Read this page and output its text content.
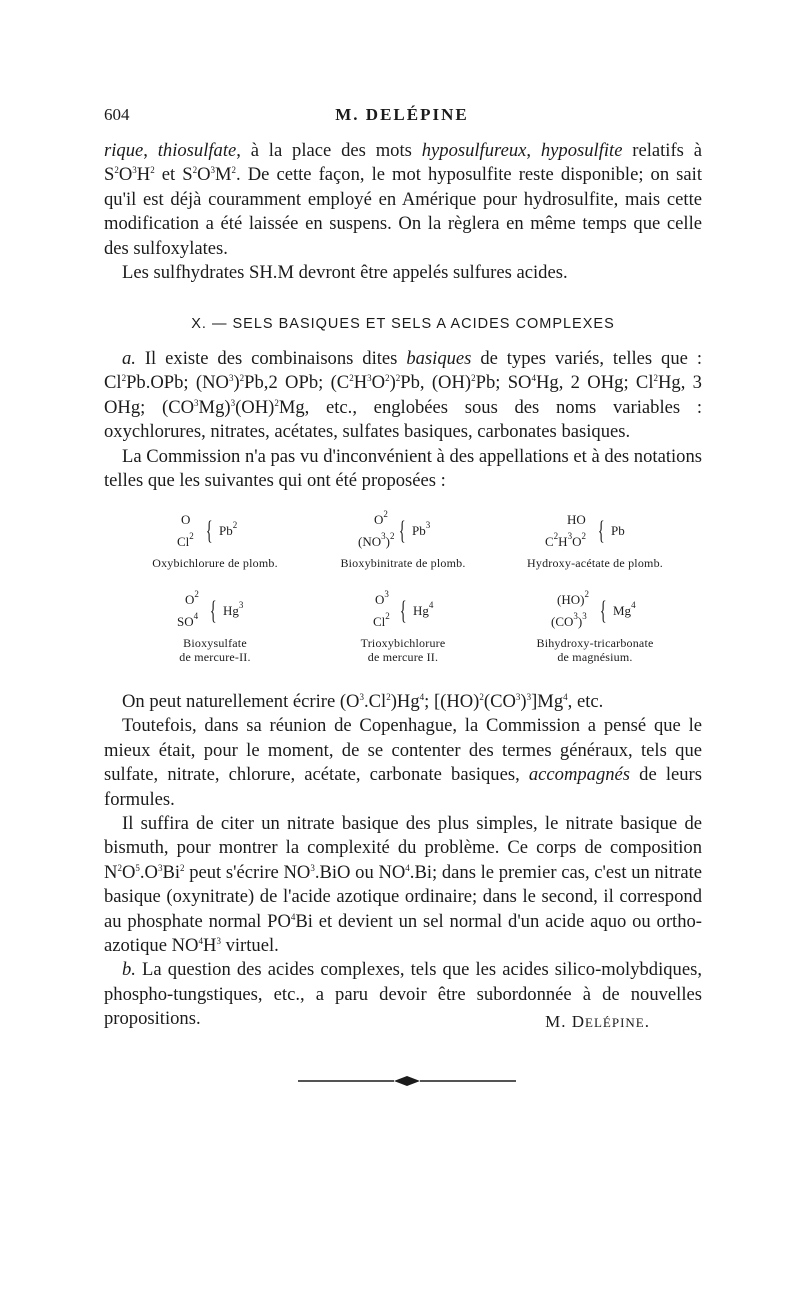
604	M. DELÉPINE

rique, thiosulfate, à la place des mots hyposulfureux, hyposulfite relatifs à $S^2O^3H^2$ et $S^2O^3M^2$. De cette façon, le mot hyposulfite reste disponible; on sait qu'il est déjà couramment employé en Amérique pour hydrosulfite, mais cette modification a été laissée en suspens. On la règlera en même temps que celle des sulfoxylates.

Les sulfhydrates SH.M devront être appelés sulfures acides.

X. — SELS BASIQUES ET SELS A ACIDES COMPLEXES

a. Il existe des combinaisons dites basiques de types variés, telles que : Cl$^2$Pb.OPb; $(NO^3)^2Pb,2$ OPb; $(C^2H^3O^2)^2Pb$, (OH)$^2$Pb; $SO^4Hg$, 2 OHg; Cl$^2$Hg, 3 OHg; $(CO^3Mg)^3(OH)^2Mg$, etc., englobées sous des noms variables : oxychlorures, nitrates, acétates, sulfates basiques, carbonates basiques.

La Commission n'a pas vu d'inconvénient à des appellations et à des notations telles que les suivantes qui ont été proposées :

O
Cl$^2$ { Pb$^2$
Oxybichlorure de plomb.
$O^2$
$(NO^3)^2$ { Pb$^3$
Bioxybinitrate de plomb.
HO
$C^2H^3O^2$ { Pb
Hydroxy-acétate de plomb.
$O^2$
$SO^4$ { Hg$^3$
Bioxysulfate
de mercure-II.
$O^3$
Cl$^2$ { Hg$^4$
Trioxybichlorure
de mercure II.
(HO)$^2$
$(CO^3)^3$ { Mg$^4$
Bihydroxy-tricarbonate
de magnésium.

On peut naturellement écrire $(O^3.Cl^2)Hg^4$; $[(HO)^2(CO^3)^3]Mg^4$, etc.

Toutefois, dans sa réunion de Copenhague, la Commission a pensé que le mieux était, pour le moment, de se contenter des termes généraux, tels que sulfate, nitrate, chlorure, acétate, carbonate basiques, accompagnés de leurs formules.

Il suffira de citer un nitrate basique des plus simples, le nitrate basique de bismuth, pour montrer la complexité du problème. Ce corps de composition $N^2O^5.O^3Bi^2$ peut s'écrire $NO^3.BiO$ ou $NO^4.Bi$; dans le premier cas, c'est un nitrate basique (oxynitrate) de l'acide azotique ordinaire; dans le second, il correspond au phosphate normal $PO^4Bi$ et devient un sel normal d'un acide aquo ou ortho-azotique $NO^4H^3$ virtuel.

b. La question des acides complexes, tels que les acides silico-molybdiques, phospho-tungstiques, etc., a paru devoir être subordonnée à de nouvelles propositions.	M. DELÉPINE.
